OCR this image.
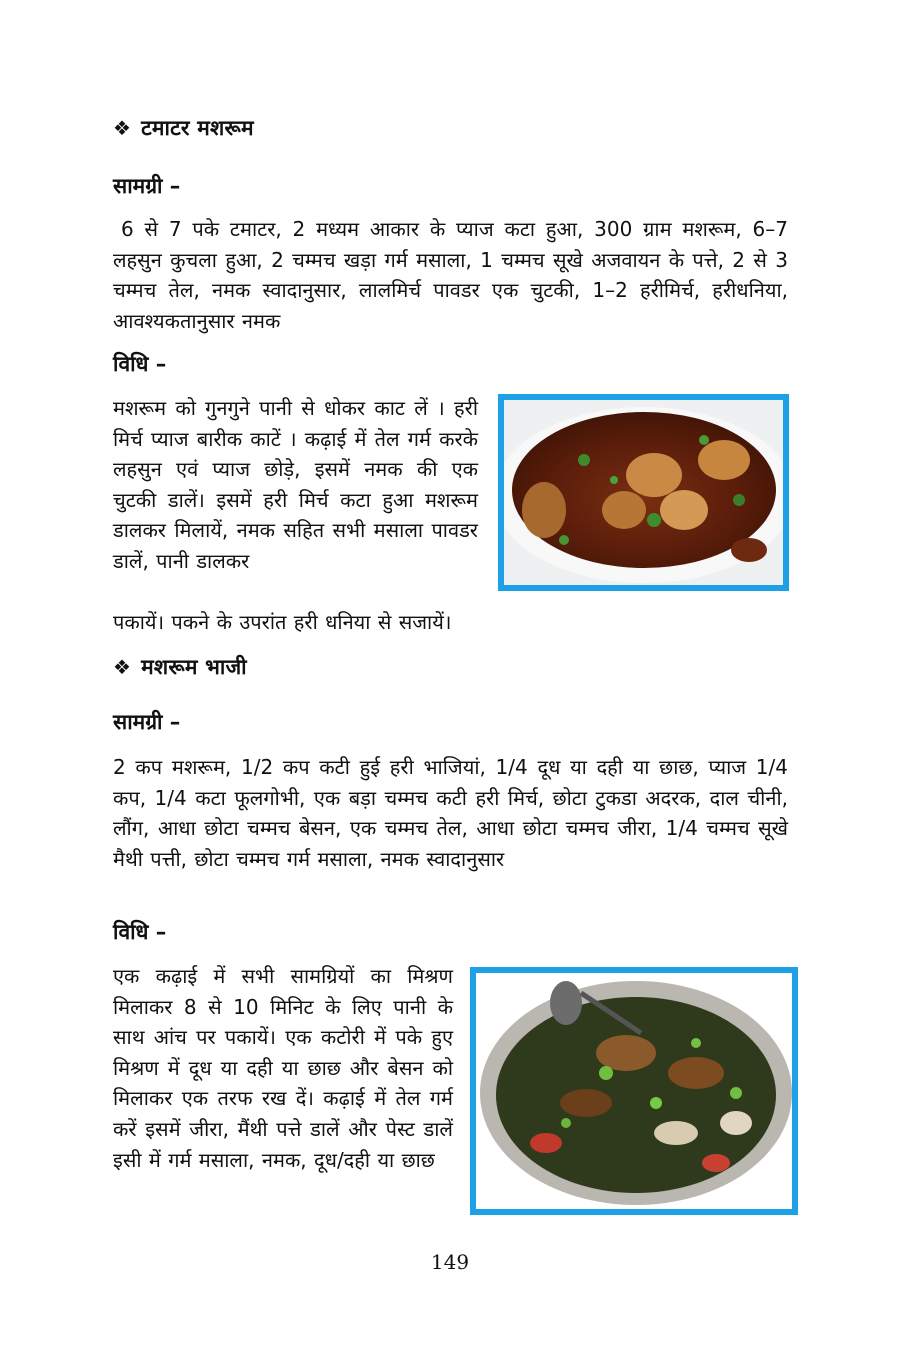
❖ टमाटर मशरूम
सामग्री –
6 से 7 पके टमाटर, 2 मध्यम आकार के प्याज कटा हुआ, 300 ग्राम मशरूम, 6–7 लहसुन कुचला हुआ, 2 चम्मच खड़ा गर्म मसाला, 1 चम्मच सूखे अजवायन के पत्ते, 2 से 3 चम्मच तेल, नमक स्वादानुसार, लालमिर्च पावडर एक चुटकी, 1–2 हरीमिर्च, हरीधनिया, आवश्यकतानुसार नमक
विधि –
मशरूम को गुनगुने पानी से धोकर काट लें । हरी मिर्च प्याज बारीक काटें । कढ़ाई में तेल गर्म करके लहसुन एवं प्याज छोड़े, इसमें नमक की एक चुटकी डालें। इसमें हरी मिर्च कटा हुआ मशरूम डालकर मिलायें, नमक सहित सभी मसाला पावडर डालें, पानी डालकर
पकायें। पकने के उपरांत हरी धनिया से सजायें।
❖ मशरूम भाजी
सामग्री –
2 कप मशरूम, 1/2 कप कटी हुई हरी भाजियां, 1/4 दूध या दही या छाछ, प्याज 1/4 कप, 1/4 कटा फूलगोभी, एक बड़ा चम्मच कटी हरी मिर्च, छोटा टुकडा अदरक, दाल चीनी, लौंग, आधा छोटा चम्मच बेसन, एक चम्मच तेल, आधा छोटा चम्मच जीरा, 1/4 चम्मच सूखे मैथी पत्ती, छोटा चम्मच गर्म मसाला, नमक स्वादानुसार
विधि –
एक कढ़ाई में सभी सामग्रियों का मिश्रण मिलाकर 8 से 10 मिनिट के लिए पानी के साथ आंच पर पकायें। एक कटोरी में पके हुए मिश्रण में दूध या दही या छाछ और बेसन को मिलाकर एक तरफ रख दें। कढ़ाई में तेल गर्म करें इसमें जीरा, मैंथी पत्ते डालें और पेस्ट डालें इसी में गर्म मसाला, नमक, दूध/दही या छाछ
149
